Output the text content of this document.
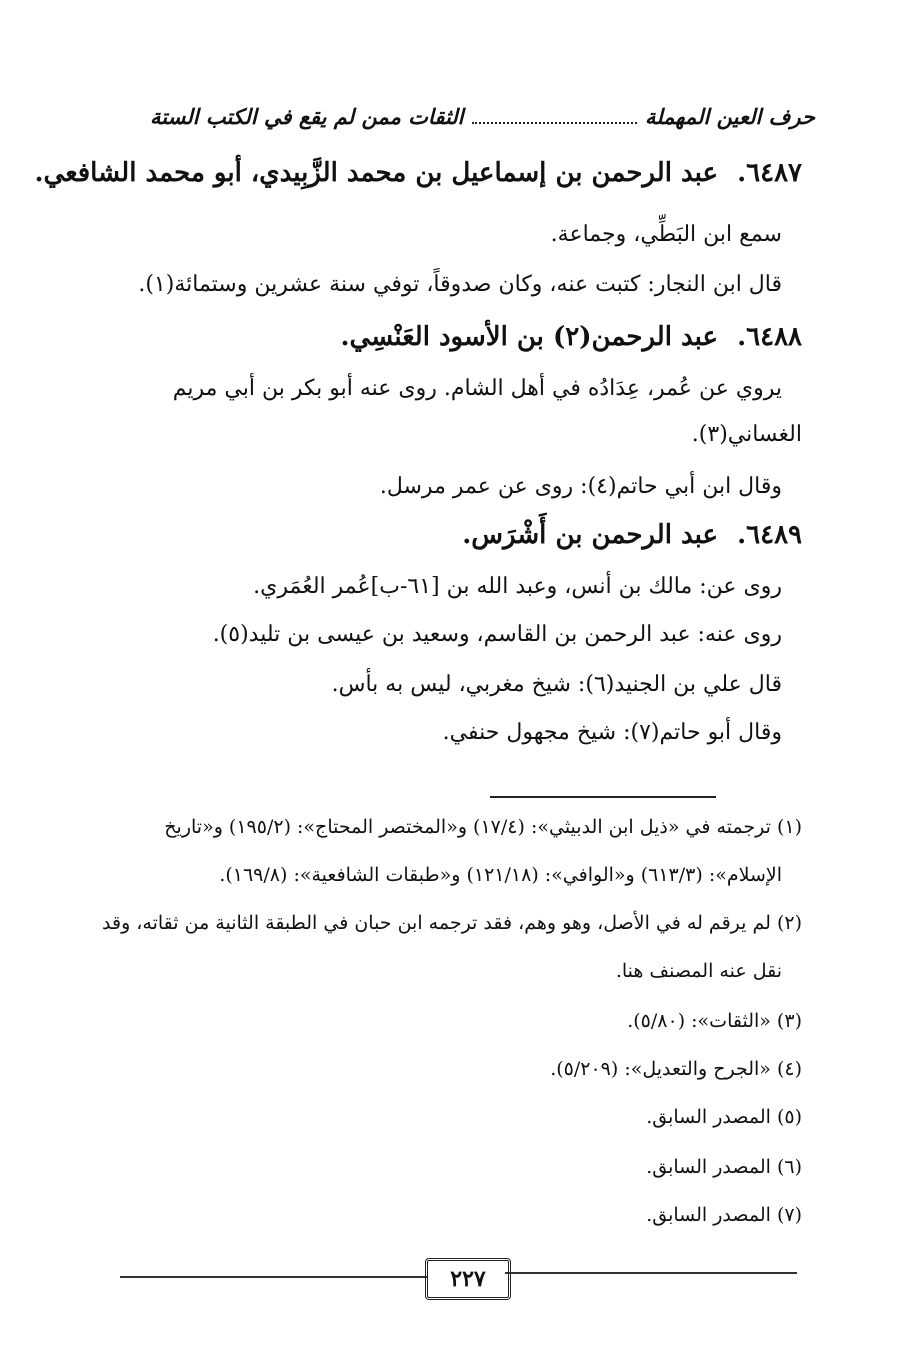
حرف العين المهملة
الثقات ممن لم يقع في الكتب الستة
٦٤٨٧. عبد الرحمن بن إسماعيل بن محمد الزَّبِيدي، أبو محمد الشافعي.
سمع ابن البَطِّي، وجماعة.
قال ابن النجار: كتبت عنه، وكان صدوقاً، توفي سنة عشرين وستمائة(١).
٦٤٨٨. عبد الرحمن(٢) بن الأسود العَنْسِي.
يروي عن عُمر، عِدَادُه في أهل الشام. روى عنه أبو بكر بن أبي مريم
الغساني(٣).
وقال ابن أبي حاتم(٤): روى عن عمر مرسل.
٦٤٨٩. عبد الرحمن بن أَشْرَس.
روى عن: مالك بن أنس، وعبد الله بن [٦١-ب]عُمر العُمَري.
روى عنه: عبد الرحمن بن القاسم، وسعيد بن عيسى بن تليد(٥).
قال علي بن الجنيد(٦): شيخ مغربي، ليس به بأس.
وقال أبو حاتم(٧): شيخ مجهول حنفي.
(١) ترجمته في «ذيل ابن الدبيثي»: (١٧/٤) و«المختصر المحتاج»: (١٩٥/٢) و«تاريخ
الإسلام»: (٦١٣/٣) و«الوافي»: (١٢١/١٨) و«طبقات الشافعية»: (١٦٩/٨).
(٢) لم يرقم له في الأصل، وهو وهم، فقد ترجمه ابن حبان في الطبقة الثانية من ثقاته، وقد
نقل عنه المصنف هنا.
(٣) «الثقات»: (٥/٨٠).
(٤) «الجرح والتعديل»: (٥/٢٠٩).
(٥) المصدر السابق.
(٦) المصدر السابق.
(٧) المصدر السابق.
٢٢٧
